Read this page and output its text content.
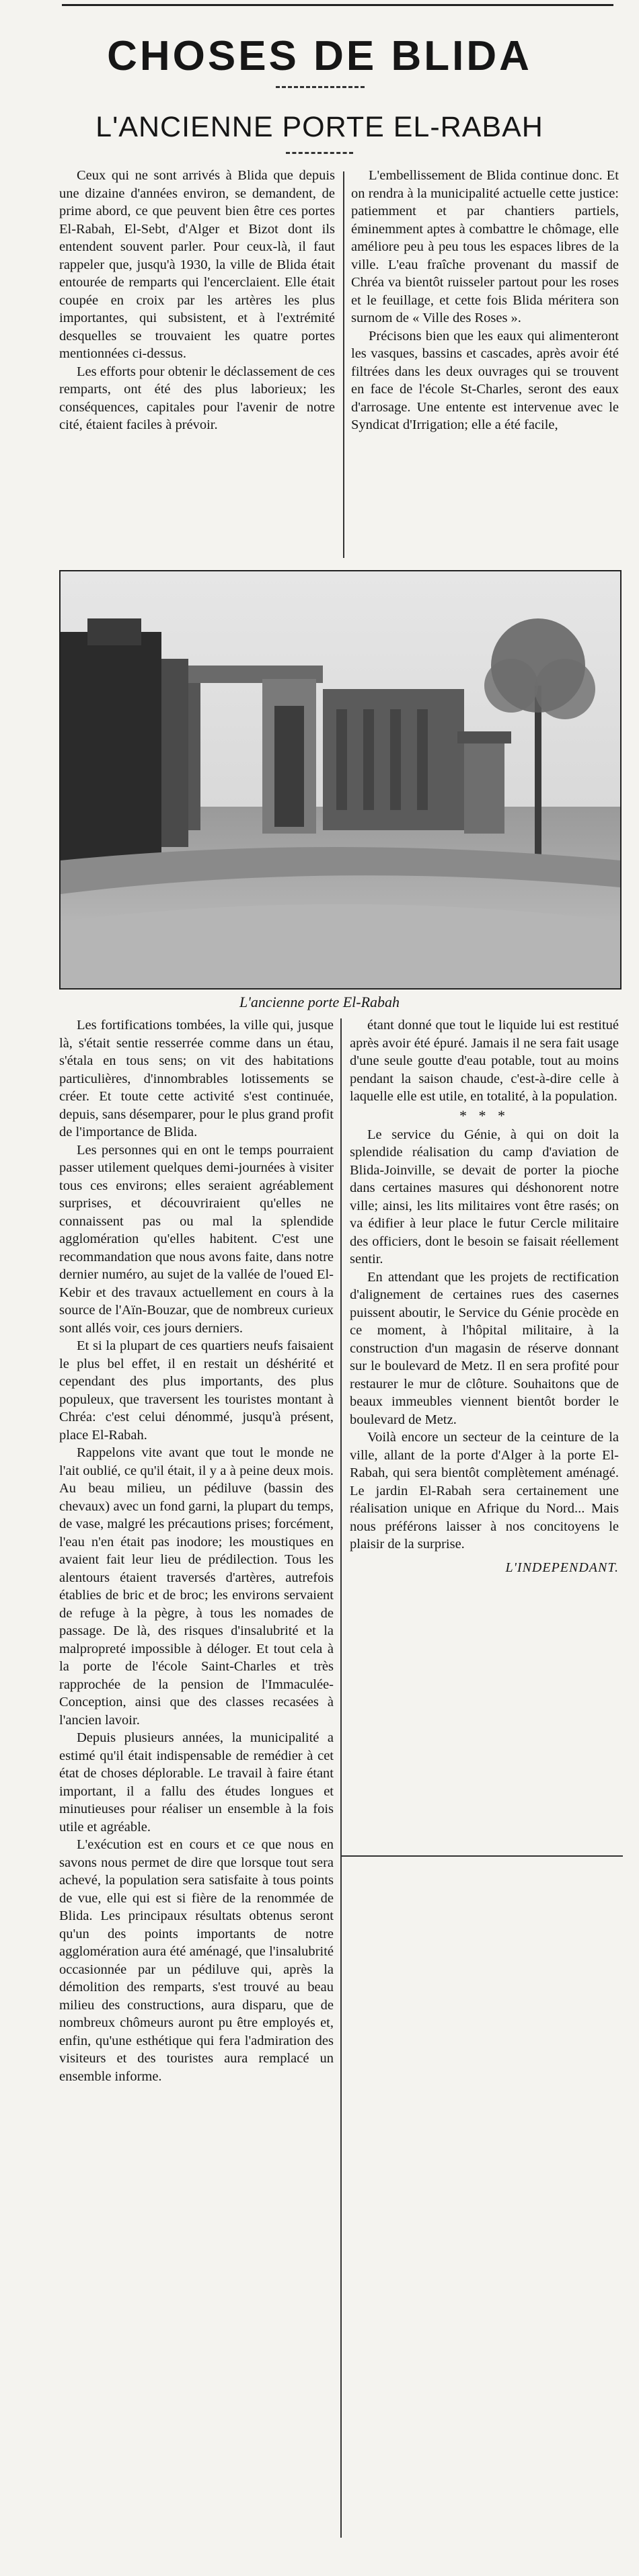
CHOSES DE BLIDA
L'ANCIENNE PORTE EL-RABAH

Ceux qui ne sont arrivés à Blida que depuis une dizaine d'années environ, se demandent, de prime abord, ce que peuvent bien être ces portes El-Rabah, El-Sebt, d'Alger et Bizot dont ils entendent souvent parler. Pour ceux-là, il faut rappeler que, jusqu'à 1930, la ville de Blida était entourée de remparts qui l'encerclaient. Elle était coupée en croix par les artères les plus importantes, qui subsistent, et à l'extrémité desquelles se trouvaient les quatre portes mentionnées ci-dessus.

Les efforts pour obtenir le déclassement de ces remparts, ont été des plus laborieux; les conséquences, capitales pour l'avenir de notre cité, étaient faciles à prévoir.

L'embellissement de Blida continue donc. Et on rendra à la municipalité actuelle cette justice: patiemment et par chantiers partiels, éminemment aptes à combattre le chômage, elle améliore peu à peu tous les espaces libres de la ville. L'eau fraîche provenant du massif de Chréa va bientôt ruisseler partout pour les roses et le feuillage, et cette fois Blida méritera son surnom de « Ville des Roses ».

Précisons bien que les eaux qui alimenteront les vasques, bassins et cascades, après avoir été filtrées dans les deux ouvrages qui se trouvent en face de l'école St-Charles, seront des eaux d'arrosage. Une entente est intervenue avec le Syndicat d'Irrigation; elle a été facile,

L'ancienne porte El-Rabah

Les fortifications tombées, la ville qui, jusque là, s'était sentie resserrée comme dans un étau, s'étala en tous sens; on vit des habitations particulières, d'innombrables lotissements se créer. Et toute cette activité s'est continuée, depuis, sans désemparer, pour le plus grand profit de l'importance de Blida.

Les personnes qui en ont le temps pourraient passer utilement quelques demi-journées à visiter tous ces environs; elles seraient agréablement surprises, et découvriraient qu'elles ne connaissent pas ou mal la splendide agglomération qu'elles habitent. C'est une recommandation que nous avons faite, dans notre dernier numéro, au sujet de la vallée de l'oued El-Kebir et des travaux actuellement en cours à la source de l'Aïn-Bouzar, que de nombreux curieux sont allés voir, ces jours derniers.

Et si la plupart de ces quartiers neufs faisaient le plus bel effet, il en restait un déshérité et cependant des plus importants, des plus populeux, que traversent les touristes montant à Chréa: c'est celui dénommé, jusqu'à présent, place El-Rabah.

Rappelons vite avant que tout le monde ne l'ait oublié, ce qu'il était, il y a à peine deux mois. Au beau milieu, un pédiluve (bassin des chevaux) avec un fond garni, la plupart du temps, de vase, malgré les précautions prises; forcément, l'eau n'en était pas inodore; les moustiques en avaient fait leur lieu de prédilection. Tous les alentours étaient traversés d'artères, autrefois établies de bric et de broc; les environs servaient de refuge à la pègre, à tous les nomades de passage. De là, des risques d'insalubrité et la malpropreté impossible à déloger. Et tout cela à la porte de l'école Saint-Charles et très rapprochée de la pension de l'Immaculée-Conception, ainsi que des classes recasées à l'ancien lavoir.

Depuis plusieurs années, la municipalité a estimé qu'il était indispensable de remédier à cet état de choses déplorable. Le travail à faire étant important, il a fallu des études longues et minutieuses pour réaliser un ensemble à la fois utile et agréable.

L'exécution est en cours et ce que nous en savons nous permet de dire que lorsque tout sera achevé, la population sera satisfaite à tous points de vue, elle qui est si fière de la renommée de Blida. Les principaux résultats obtenus seront qu'un des points importants de notre agglomération aura été aménagé, que l'insalubrité occasionnée par un pédiluve qui, après la démolition des remparts, s'est trouvé au beau milieu des constructions, aura disparu, que de nombreux chômeurs auront pu être employés et, enfin, qu'une esthétique qui fera l'admiration des visiteurs et des touristes aura remplacé un ensemble informe.

étant donné que tout le liquide lui est restitué après avoir été épuré. Jamais il ne sera fait usage d'une seule goutte d'eau potable, tout au moins pendant la saison chaude, c'est-à-dire celle à laquelle elle est utile, en totalité, à la population.

* * *

Le service du Génie, à qui on doit la splendide réalisation du camp d'aviation de Blida-Joinville, se devait de porter la pioche dans certaines masures qui déshonorent notre ville; ainsi, les lits militaires vont être rasés; on va édifier à leur place le futur Cercle militaire des officiers, dont le besoin se faisait réellement sentir.

En attendant que les projets de rectification d'alignement de certaines rues des casernes puissent aboutir, le Service du Génie procède en ce moment, à l'hôpital militaire, à la construction d'un magasin de réserve donnant sur le boulevard de Metz. Il en sera profité pour restaurer le mur de clôture. Souhaitons que de beaux immeubles viennent bientôt border le boulevard de Metz.

Voilà encore un secteur de la ceinture de la ville, allant de la porte d'Alger à la porte El-Rabah, qui sera bientôt complètement aménagé. Le jardin El-Rabah sera certainement une réalisation unique en Afrique du Nord... Mais nous préférons laisser à nos concitoyens le plaisir de la surprise.

L'INDEPENDANT.
